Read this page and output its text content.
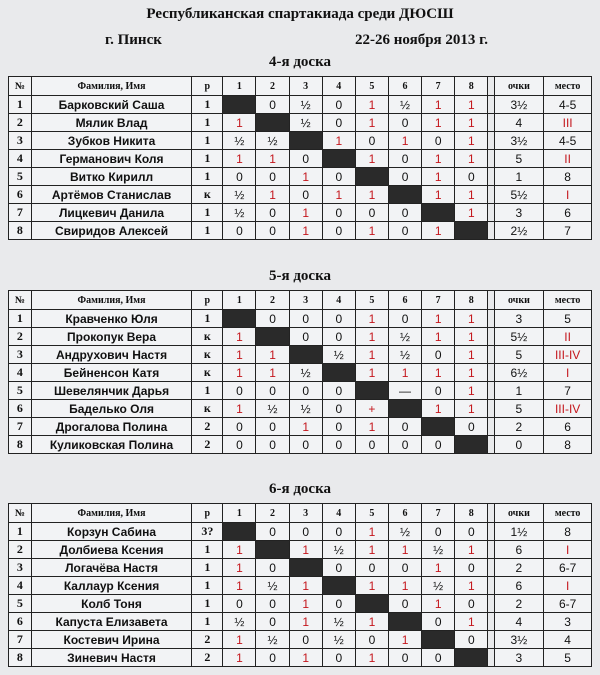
Республиканская спартакиада среди ДЮСШ
г. Пинск	22-26 ноября 2013 г.
4-я доска
№	Фамилия, Имя	р	1	2	3	4	5	6	7	8		очки	место
1	Барковский Саша	1		0	½	0	1	½	1	1		3½	4-5
2	Мялик Влад	1	1		½	0	1	0	1	1		4	III
3	Зубков Никита	1	½	½		1	0	1	0	1		3½	4-5
4	Германович Коля	1	1	1	0		1	0	1	1		5	II
5	Витко Кирилл	1	0	0	1	0		0	1	0		1	8
6	Артёмов Станислав	к	½	1	0	1	1		1	1		5½	I
7	Лицкевич Данила	1	½	0	1	0	0	0		1		3	6
8	Свиридов Алексей	1	0	0	1	0	1	0	1			2½	7
5-я доска
№	Фамилия, Имя	р	1	2	3	4	5	6	7	8		очки	место
1	Кравченко Юля	1		0	0	0	1	0	1	1		3	5
2	Прокопук Вера	к	1		0	0	1	½	1	1		5½	II
3	Андрухович Настя	к	1	1		½	1	½	0	1		5	III-IV
4	Бейненсон Катя	к	1	1	½		1	1	1	1		6½	I
5	Шевелянчик Дарья	1	0	0	0	0		—	0	1		1	7
6	Баделько Оля	к	1	½	½	0	+		1	1		5	III-IV
7	Дрогалова Полина	2	0	0	1	0	1	0		0		2	6
8	Куликовская Полина	2	0	0	0	0	0	0	0			0	8
6-я доска
№	Фамилия, Имя	р	1	2	3	4	5	6	7	8		очки	место
1	Корзун Сабина	3?		0	0	0	1	½	0	0		1½	8
2	Долбиева Ксения	1	1		1	½	1	1	½	1		6	I
3	Логачёва Настя	1	1	0		0	0	0	1	0		2	6-7
4	Каллаур Ксения	1	1	½	1		1	1	½	1		6	I
5	Колб Тоня	1	0	0	1	0		0	1	0		2	6-7
6	Капуста Елизавета	1	½	0	1	½	1		0	1		4	3
7	Костевич Ирина	2	1	½	0	½	0	1		0		3½	4
8	Зиневич Настя	2	1	0	1	0	1	0	0			3	5
